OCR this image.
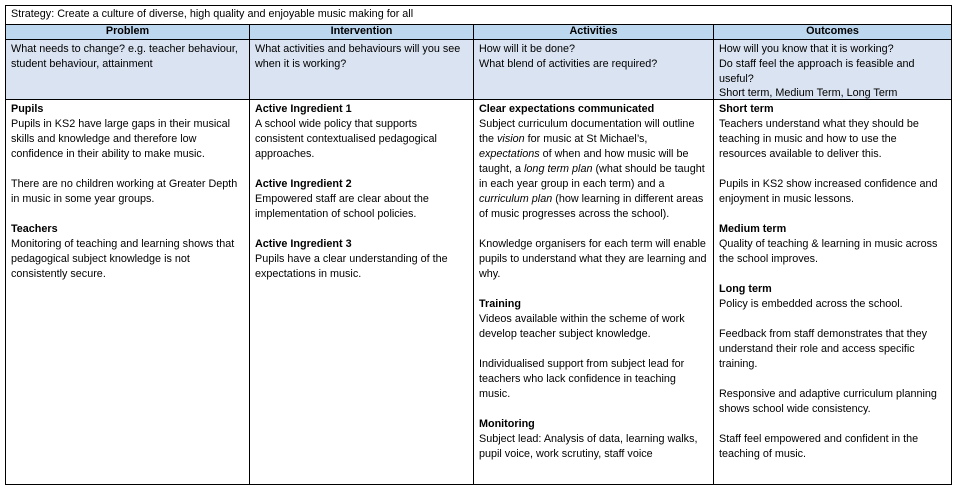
Strategy: Create a culture of diverse, high quality and enjoyable music making for all
Problem
What needs to change? e.g. teacher behaviour, student behaviour, attainment

Pupils

Pupils in KS2 have large gaps in their musical skills and knowledge and therefore low confidence in their ability to make music.

There are no children working at Greater Depth in music in some year groups.

Teachers

Monitoring of teaching and learning shows that pedagogical subject knowledge is not consistently secure.

Intervention
What activities and behaviours will you see when it is working?

Active Ingredient 1

A school wide policy that supports consistent contextualised pedagogical approaches.

Active Ingredient 2

Empowered staff are clear about the implementation of school policies.

Active Ingredient 3

Pupils have a clear understanding of the expectations in music.

Activities

How will it be done?

What blend of activities are required?

Clear expectations communicated

Subject curriculum documentation will outline the vision for music at St Michael’s, expectations of when and how music will be taught, a long term plan (what should be taught in each year group in each term) and a curriculum plan (how learning in different areas of music progresses across the school).

Knowledge organisers for each term will enable pupils to understand what they are learning and why.

Training

Videos available within the scheme of work develop teacher subject knowledge.

Individualised support from subject lead for teachers who lack confidence in teaching music.

Monitoring

Subject lead: Analysis of data, learning walks, pupil voice, work scrutiny, staff voice

Outcomes

How will you know that it is working?

Do staff feel the approach is feasible and useful?

Short term, Medium Term, Long Term

Short term

Teachers understand what they should be teaching in music and how to use the resources available to deliver this.

Pupils in KS2 show increased confidence and enjoyment in music lessons.

Medium term

Quality of teaching & learning in music across the school improves.

Long term

Policy is embedded across the school.

Feedback from staff demonstrates that they understand their role and access specific training.

Responsive and adaptive curriculum planning shows school wide consistency.

Staff feel empowered and confident in the teaching of music.
